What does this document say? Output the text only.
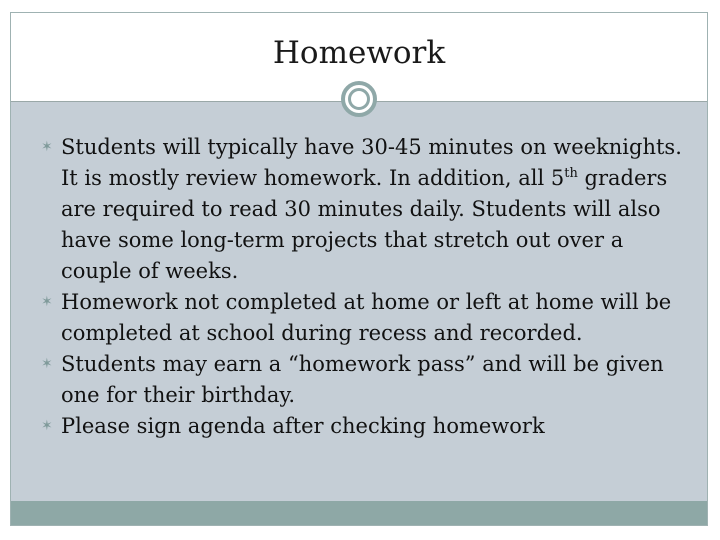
Homework
✶ Students will typically have 30-45 minutes on weeknights. It is mostly review homework. In addition, all 5th graders are required to read 30 minutes daily. Students will also have some long-term projects that stretch out over a couple of weeks.
✶ Homework not completed at home or left at home will be completed at school during recess and recorded.
✶ Students may earn a “homework pass” and will be given one for their birthday.
✶ Please sign agenda after checking homework
